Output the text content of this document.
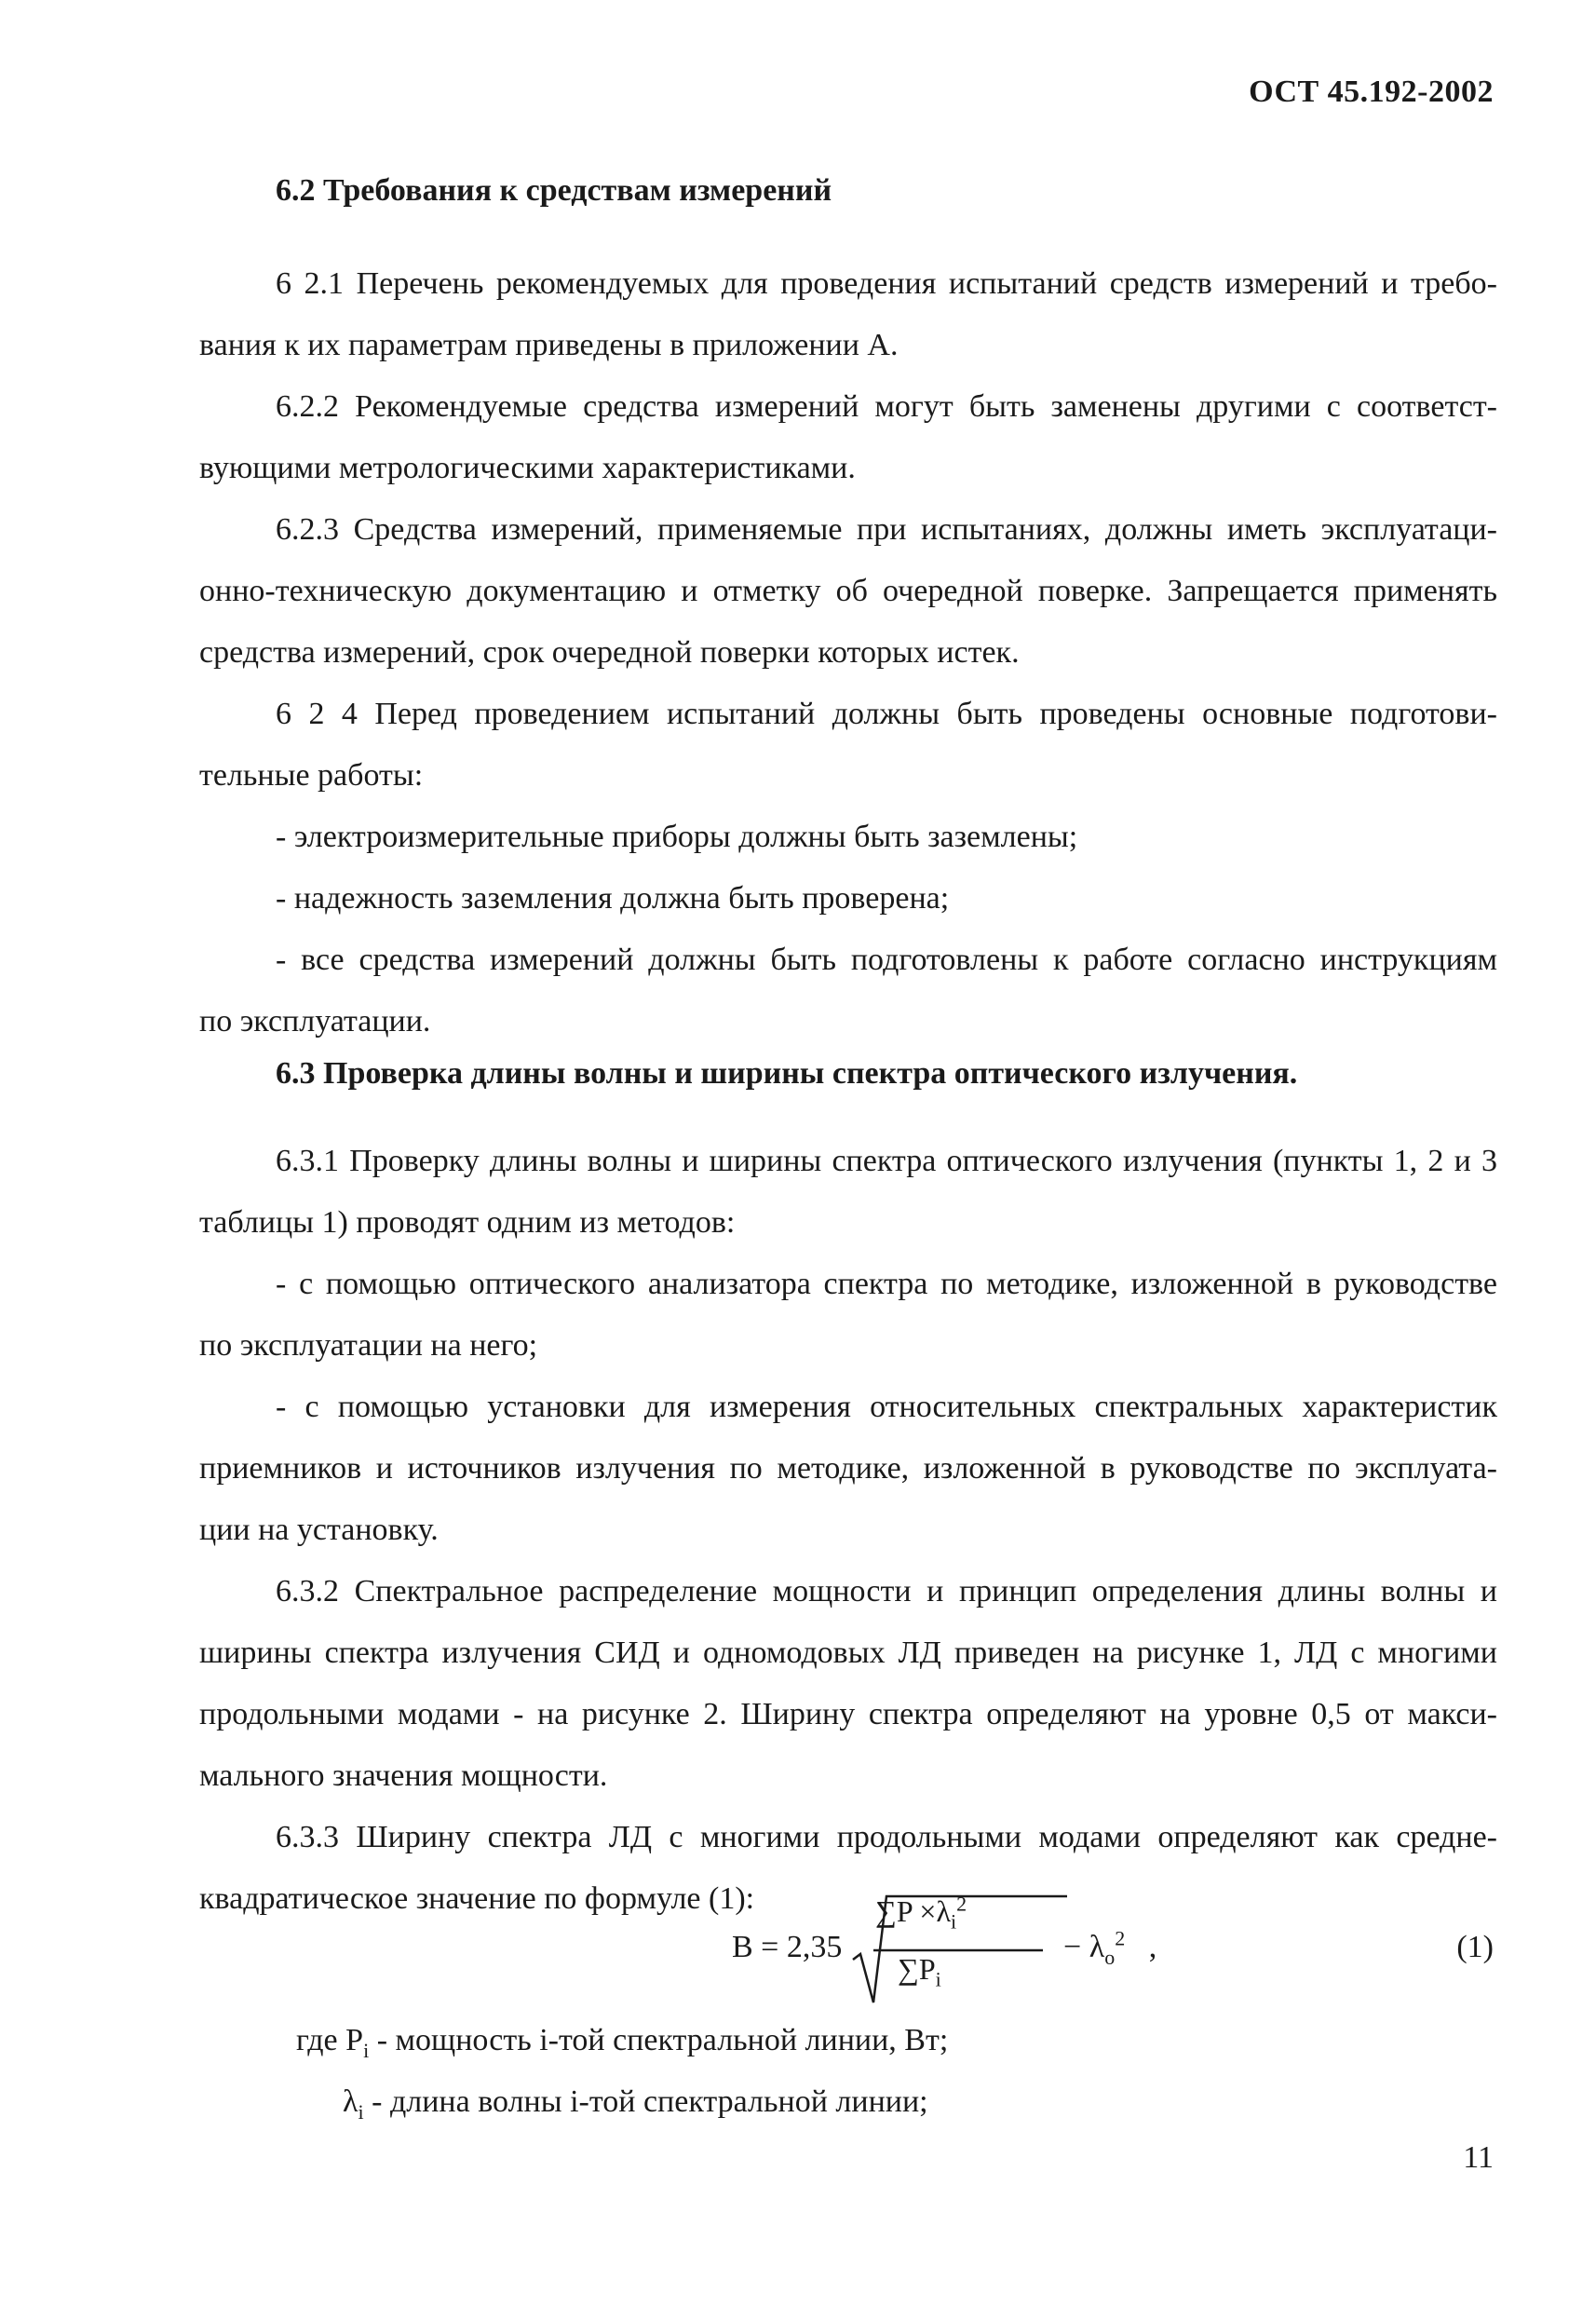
ОСТ 45.192-2002
6.2 Требования к средствам измерений
6 2.1 Перечень рекомендуемых для проведения испытаний средств измерений и требо-
вания к их параметрам приведены в приложении А.
6.2.2 Рекомендуемые средства измерений могут быть заменены другими с соответст-
вующими метрологическими характеристиками.
6.2.3 Средства измерений, применяемые при испытаниях, должны иметь эксплуатаци-
онно-техническую документацию и отметку об очередной поверке. Запрещается применять
средства измерений, срок очередной поверки которых истек.
6 2 4 Перед проведением испытаний должны быть проведены основные подготови-
тельные работы:
- электроизмерительные приборы должны быть заземлены;
- надежность заземления должна быть проверена;
- все средства измерений должны быть подготовлены к работе согласно инструкциям
по эксплуатации.
6.3 Проверка длины волны и ширины спектра оптического излучения.
6.3.1 Проверку длины волны и ширины спектра оптического излучения (пункты 1, 2 и 3
таблицы 1) проводят одним из методов:
- с помощью оптического анализатора спектра по методике, изложенной в руководстве
по эксплуатации на него;
- с помощью установки для измерения относительных спектральных характеристик
приемников и источников излучения по методике, изложенной в руководстве по эксплуата-
ции на установку.
6.3.2 Спектральное распределение мощности и принцип определения длины волны и
ширины спектра излучения СИД и одномодовых ЛД приведен на рисунке 1, ЛД с многими
продольными модами - на рисунке 2. Ширину спектра определяют на уровне 0,5 от макси-
мального значения мощности.
6.3.3 Ширину спектра ЛД с многими продольными модами определяют как средне-
квадратическое значение по формуле (1):
B = 2,35
$\sum P \times\lambda_i^2$
$\sum P_i$
− $\lambda_o^2$ ,	(1)
где $P_i$ - мощность i-той спектральной линии, Вт;
$\lambda_i$ - длина волны i-той спектральной линии;
11
